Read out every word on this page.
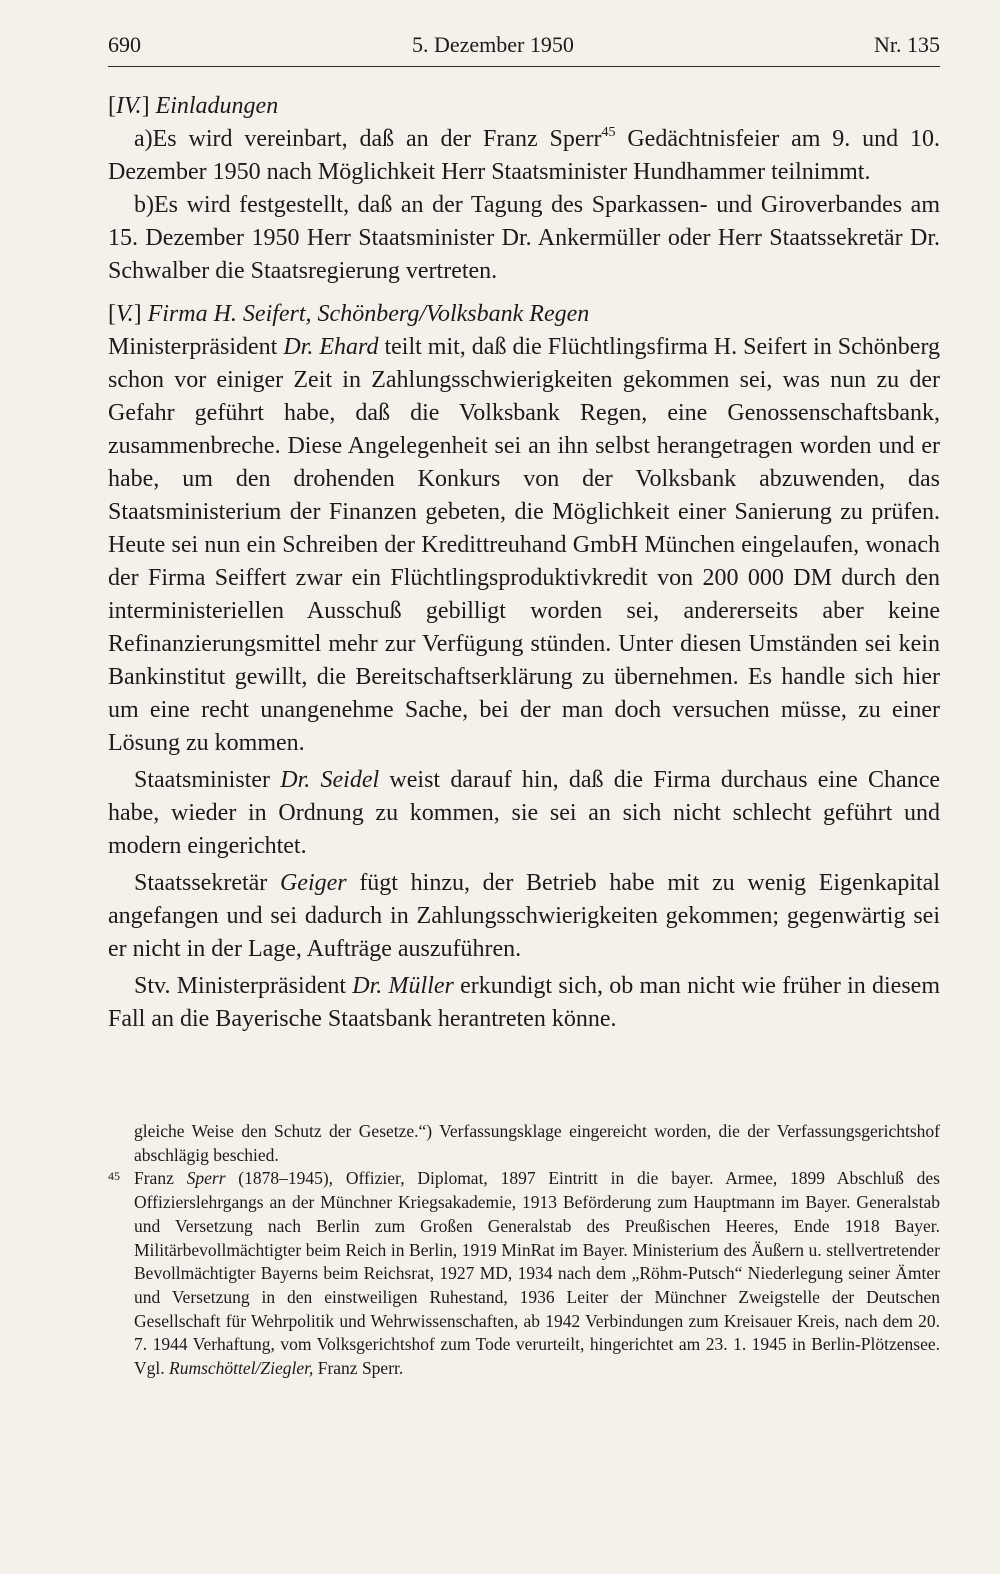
690	5. Dezember 1950	Nr. 135

[IV.] Einladungen

a)Es wird vereinbart, daß an der Franz Sperr$^{45}$ Gedächtnisfeier am 9. und 10. Dezember 1950 nach Möglichkeit Herr Staatsminister Hundhammer teilnimmt.

b)Es wird festgestellt, daß an der Tagung des Sparkassen- und Giroverbandes am 15. Dezember 1950 Herr Staatsminister Dr. Ankermüller oder Herr Staatssekretär Dr. Schwalber die Staatsregierung vertreten.

[V.] Firma H. Seifert, Schönberg/Volksbank Regen

Ministerpräsident Dr. Ehard teilt mit, daß die Flüchtlingsfirma H. Seifert in Schönberg schon vor einiger Zeit in Zahlungsschwierigkeiten gekommen sei, was nun zu der Gefahr geführt habe, daß die Volksbank Regen, eine Genossenschaftsbank, zusammenbreche. Diese Angelegenheit sei an ihn selbst herangetragen worden und er habe, um den drohenden Konkurs von der Volksbank abzuwenden, das Staatsministerium der Finanzen gebeten, die Möglichkeit einer Sanierung zu prüfen. Heute sei nun ein Schreiben der Kredittreuhand GmbH München eingelaufen, wonach der Firma Seiffert zwar ein Flüchtlingsproduktivkredit von 200 000 DM durch den interministeriellen Ausschuß gebilligt worden sei, andererseits aber keine Refinanzierungsmittel mehr zur Verfügung stünden. Unter diesen Umständen sei kein Bankinstitut gewillt, die Bereitschaftserklärung zu übernehmen. Es handle sich hier um eine recht unangenehme Sache, bei der man doch versuchen müsse, zu einer Lösung zu kommen.

Staatsminister Dr. Seidel weist darauf hin, daß die Firma durchaus eine Chance habe, wieder in Ordnung zu kommen, sie sei an sich nicht schlecht geführt und modern eingerichtet.

Staatssekretär Geiger fügt hinzu, der Betrieb habe mit zu wenig Eigenkapital angefangen und sei dadurch in Zahlungsschwierigkeiten gekommen; gegenwärtig sei er nicht in der Lage, Aufträge auszuführen.

Stv. Ministerpräsident Dr. Müller erkundigt sich, ob man nicht wie früher in diesem Fall an die Bayerische Staatsbank herantreten könne.

gleiche Weise den Schutz der Gesetze.“) Verfassungsklage eingereicht worden, die der Verfassungsgerichtshof abschlägig beschied.

45 Franz Sperr (1878–1945), Offizier, Diplomat, 1897 Eintritt in die bayer. Armee, 1899 Abschluß des Offizierslehrgangs an der Münchner Kriegsakademie, 1913 Beförderung zum Hauptmann im Bayer. Generalstab und Versetzung nach Berlin zum Großen Generalstab des Preußischen Heeres, Ende 1918 Bayer. Militärbevollmächtigter beim Reich in Berlin, 1919 MinRat im Bayer. Ministerium des Äußern u. stellvertretender Bevollmächtigter Bayerns beim Reichsrat, 1927 MD, 1934 nach dem „Röhm-Putsch“ Niederlegung seiner Ämter und Versetzung in den einstweiligen Ruhestand, 1936 Leiter der Münchner Zweigstelle der Deutschen Gesellschaft für Wehrpolitik und Wehrwissenschaften, ab 1942 Verbindungen zum Kreisauer Kreis, nach dem 20. 7. 1944 Verhaftung, vom Volksgerichtshof zum Tode verurteilt, hingerichtet am 23. 1. 1945 in Berlin-Plötzensee. Vgl. Rumschöttel/Ziegler, Franz Sperr.
